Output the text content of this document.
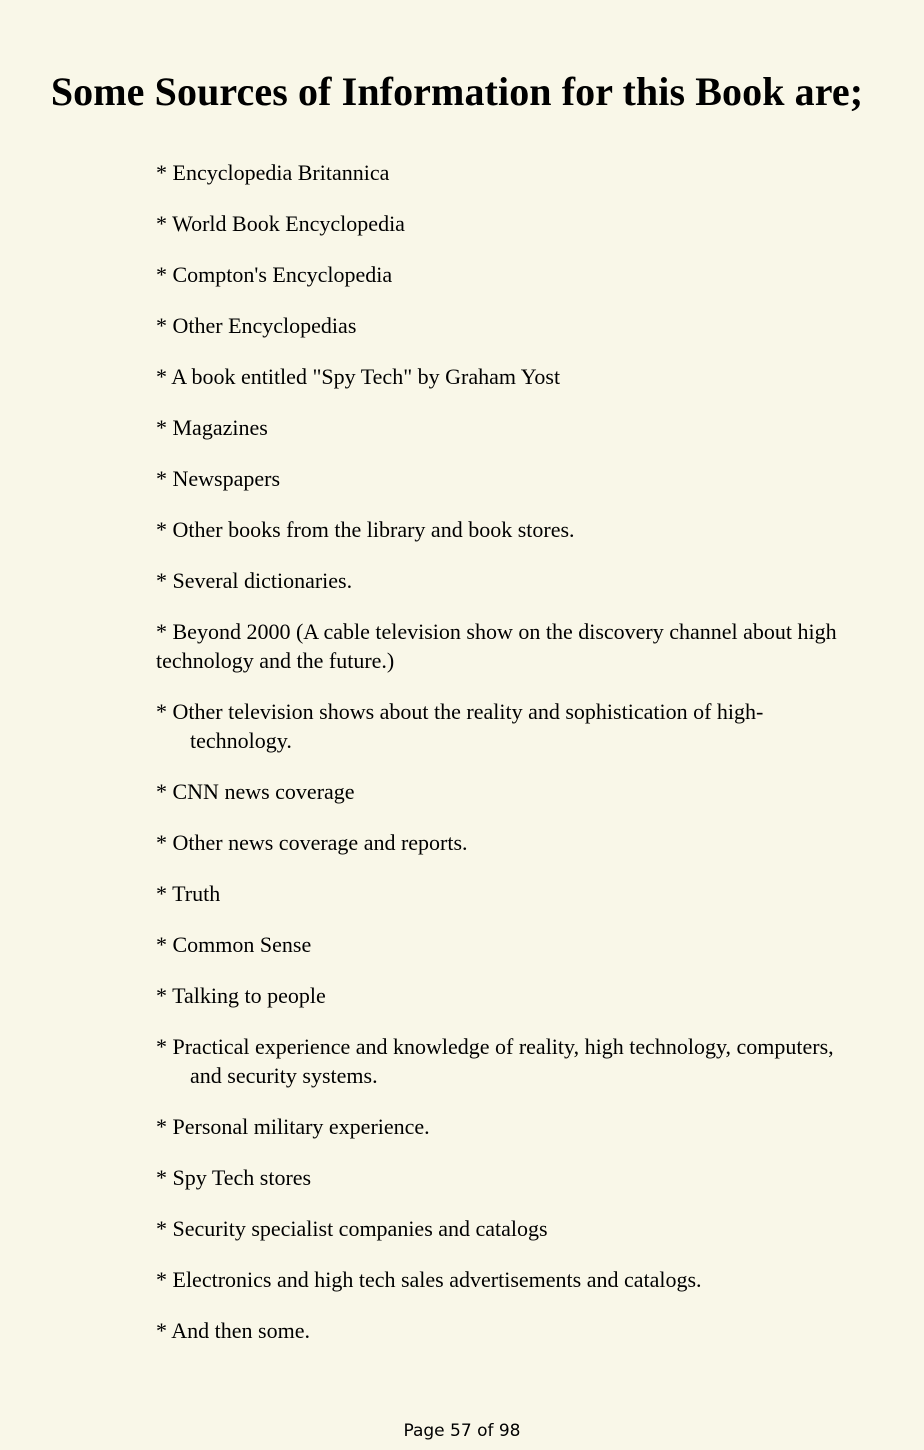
Some Sources of Information for this Book are;
* Encyclopedia Britannica
* World Book Encyclopedia
* Compton's Encyclopedia
* Other Encyclopedias
* A book entitled "Spy Tech" by Graham Yost
* Magazines
* Newspapers
* Other books from the library and book stores.
* Several dictionaries.
* Beyond 2000 (A cable television show on the discovery channel about high technology and the future.)
* Other television shows about the reality and sophistication of high-technology.
* CNN news coverage
* Other news coverage and reports.
* Truth
* Common Sense
* Talking to people
* Practical experience and knowledge of reality, high technology, computers, and security systems.
* Personal military experience.
* Spy Tech stores
* Security specialist companies and catalogs
* Electronics and high tech sales advertisements and catalogs.
* And then some.
Page 57 of 98
